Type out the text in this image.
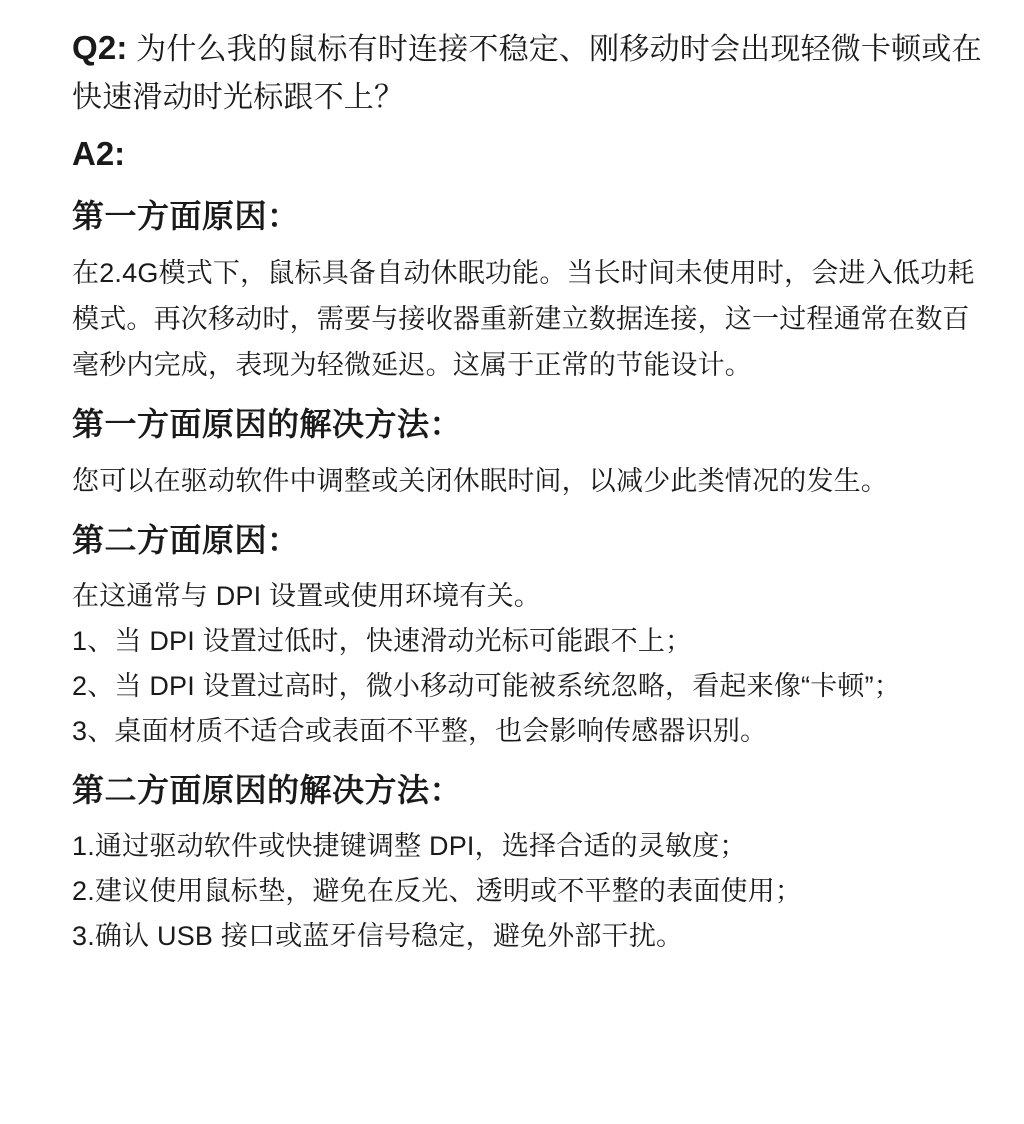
Q2: 为什么我的鼠标有时连接不稳定、刚移动时会出现轻微卡顿或在快速滑动时光标跟不上？

A2:

第一方面原因：

在2.4G模式下，鼠标具备自动休眠功能。当长时间未使用时，会进入低功耗模式。再次移动时，需要与接收器重新建立数据连接，这一过程通常在数百毫秒内完成，表现为轻微延迟。这属于正常的节能设计。

第一方面原因的解决方法：

您可以在驱动软件中调整或关闭休眠时间，以减少此类情况的发生。

第二方面原因：

在这通常与 DPI 设置或使用环境有关。

1、当 DPI 设置过低时，快速滑动光标可能跟不上；
2、当 DPI 设置过高时，微小移动可能被系统忽略，看起来像“卡顿”；
3、桌面材质不适合或表面不平整，也会影响传感器识别。
第二方面原因的解决方法：
1.通过驱动软件或快捷键调整 DPI，选择合适的灵敏度；
2.建议使用鼠标垫，避免在反光、透明或不平整的表面使用；
3.确认 USB 接口或蓝牙信号稳定，避免外部干扰。
